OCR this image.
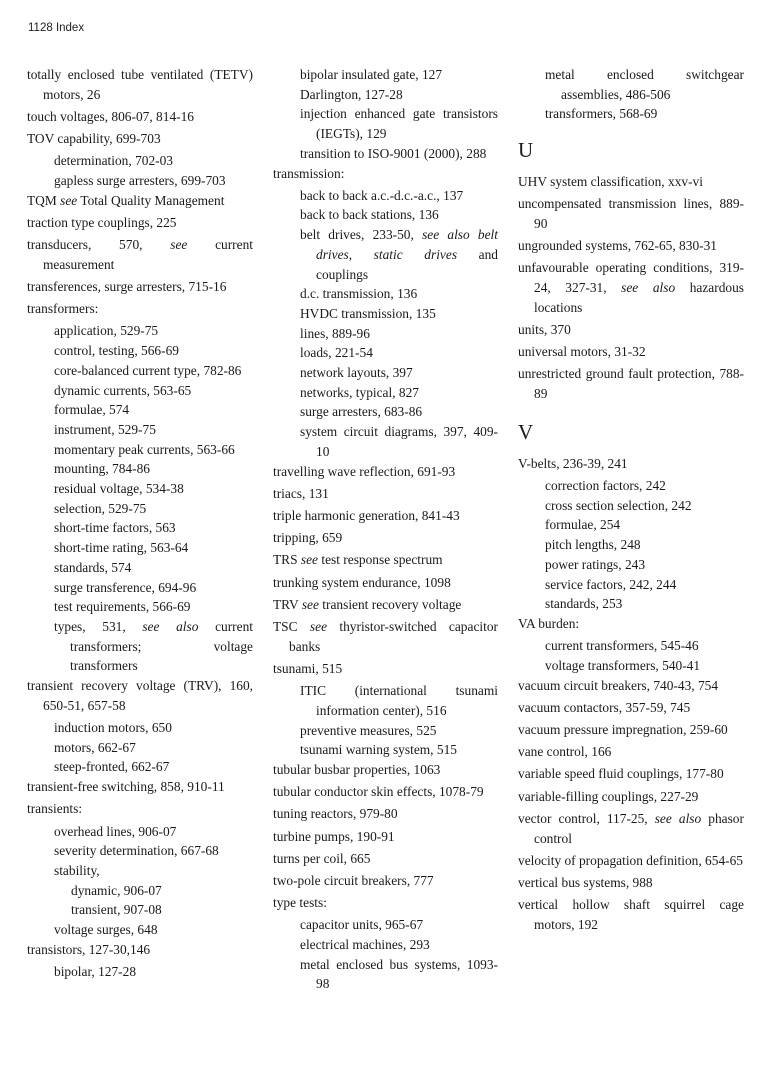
1128 Index
totally enclosed tube ventilated (TETV) motors, 26
touch voltages, 806-07, 814-16
TOV capability, 699-703
determination, 702-03
gapless surge arresters, 699-703
TQM see Total Quality Management
traction type couplings, 225
transducers, 570, see current measurement
transferences, surge arresters, 715-16
transformers:
application, 529-75
control, testing, 566-69
core-balanced current type, 782-86
dynamic currents, 563-65
formulae, 574
instrument, 529-75
momentary peak currents, 563-66
mounting, 784-86
residual voltage, 534-38
selection, 529-75
short-time factors, 563
short-time rating, 563-64
standards, 574
surge transference, 694-96
test requirements, 566-69
types, 531, see also current transformers; voltage transformers
transient recovery voltage (TRV), 160, 650-51, 657-58
induction motors, 650
motors, 662-67
steep-fronted, 662-67
transient-free switching, 858, 910-11
transients:
overhead lines, 906-07
severity determination, 667-68
stability,
dynamic, 906-07
transient, 907-08
voltage surges, 648
transistors, 127-30,146
bipolar, 127-28
bipolar insulated gate, 127
Darlington, 127-28
injection enhanced gate transistors (IEGTs), 129
transition to ISO-9001 (2000), 288
transmission:
back to back a.c.-d.c.-a.c., 137
back to back stations, 136
belt drives, 233-50, see also belt drives, static drives and couplings
d.c. transmission, 136
HVDC transmission, 135
lines, 889-96
loads, 221-54
network layouts, 397
networks, typical, 827
surge arresters, 683-86
system circuit diagrams, 397, 409-10
travelling wave reflection, 691-93
triacs, 131
triple harmonic generation, 841-43
tripping, 659
TRS see test response spectrum
trunking system endurance, 1098
TRV see transient recovery voltage
TSC see thyristor-switched capacitor banks
tsunami, 515
ITIC (international tsunami information center), 516
preventive measures, 525
tsunami warning system, 515
tubular busbar properties, 1063
tubular conductor skin effects, 1078-79
tuning reactors, 979-80
turbine pumps, 190-91
turns per coil, 665
two-pole circuit breakers, 777
type tests:
capacitor units, 965-67
electrical machines, 293
metal enclosed bus systems, 1093-98
metal enclosed switchgear assemblies, 486-506
transformers, 568-69
U
UHV system classification, xxv-vi
uncompensated transmission lines, 889-90
ungrounded systems, 762-65, 830-31
unfavourable operating conditions, 319-24, 327-31, see also hazardous locations
units, 370
universal motors, 31-32
unrestricted ground fault protection, 788-89
V
V-belts, 236-39, 241
correction factors, 242
cross section selection, 242
formulae, 254
pitch lengths, 248
power ratings, 243
service factors, 242, 244
standards, 253
VA burden:
current transformers, 545-46
voltage transformers, 540-41
vacuum circuit breakers, 740-43, 754
vacuum contactors, 357-59, 745
vacuum pressure impregnation, 259-60
vane control, 166
variable speed fluid couplings, 177-80
variable-filling couplings, 227-29
vector control, 117-25, see also phasor control
velocity of propagation definition, 654-65
vertical bus systems, 988
vertical hollow shaft squirrel cage motors, 192
